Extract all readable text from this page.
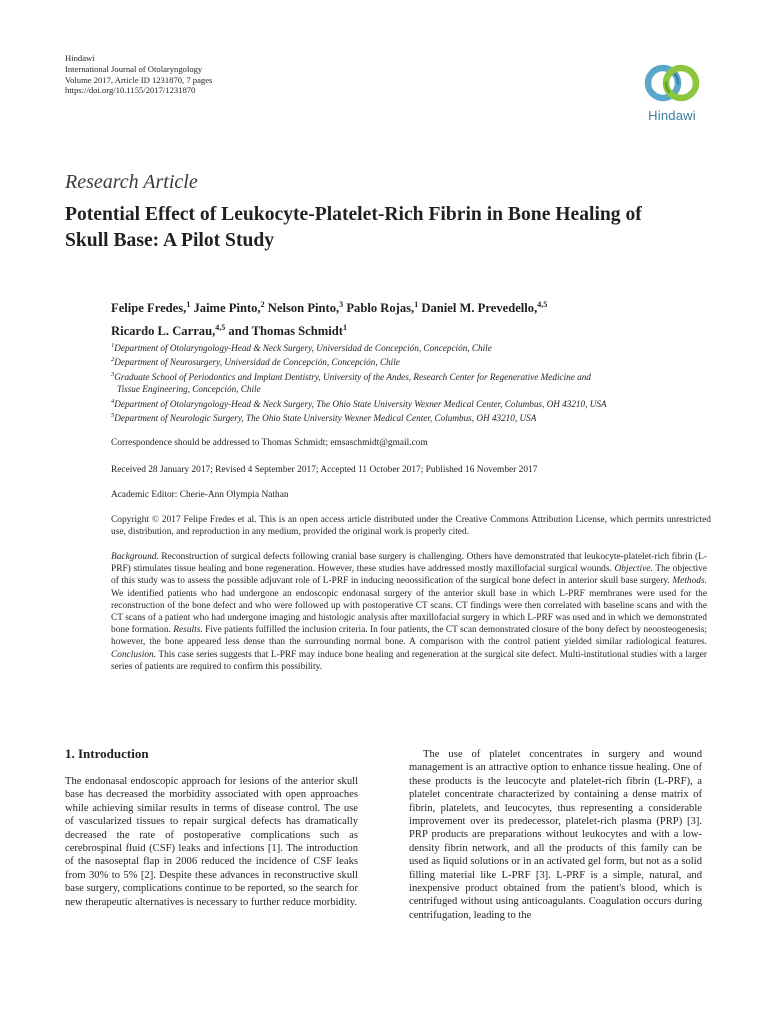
Hindawi
International Journal of Otolaryngology
Volume 2017, Article ID 1231870, 7 pages
https://doi.org/10.1155/2017/1231870
Hindawi
Research Article
Potential Effect of Leukocyte-Platelet-Rich Fibrin in Bone Healing of Skull Base: A Pilot Study
Felipe Fredes,$^1$ Jaime Pinto,$^2$ Nelson Pinto,$^3$ Pablo Rojas,$^1$ Daniel M. Prevedello,$^{4,5}$
Ricardo L. Carrau,$^{4,5}$ and Thomas Schmidt$^1$

$^1$Department of Otolaryngology-Head & Neck Surgery, Universidad de Concepción, Concepción, Chile

$^2$Department of Neurosurgery, Universidad de Concepción, Concepción, Chile

$^3$Graduate School of Periodontics and Implant Dentistry, University of the Andes, Research Center for Regenerative Medicine and

Tissue Engineering, Concepción, Chile

$^4$Department of Otolaryngology-Head & Neck Surgery, The Ohio State University Wexner Medical Center, Columbus, OH 43210, USA

$^5$Department of Neurologic Surgery, The Ohio State University Wexner Medical Center, Columbus, OH 43210, USA

Correspondence should be addressed to Thomas Schmidt; emsaschmidt@gmail.com
Received 28 January 2017; Revised 4 September 2017; Accepted 11 October 2017; Published 16 November 2017
Academic Editor: Cherie-Ann Olympia Nathan
Copyright © 2017 Felipe Fredes et al. This is an open access article distributed under the Creative Commons Attribution License, which permits unrestricted use, distribution, and reproduction in any medium, provided the original work is properly cited.
Background. Reconstruction of surgical defects following cranial base surgery is challenging. Others have demonstrated that leukocyte-platelet-rich fibrin (L-PRF) stimulates tissue healing and bone regeneration. However, these studies have addressed mostly maxillofacial surgical wounds. Objective. The objective of this study was to assess the possible adjuvant role of L-PRF in inducing neoossification of the surgical bone defect in anterior skull base surgery. Methods. We identified patients who had undergone an endoscopic endonasal surgery of the anterior skull base in which L-PRF membranes were used for the reconstruction of the bone defect and who were followed up with postoperative CT scans. CT findings were then correlated with baseline scans and with the CT scans of a patient who had undergone imaging and histologic analysis after maxillofacial surgery in which L-PRF was used and in which we demonstrated bone formation. Results. Five patients fulfilled the inclusion criteria. In four patients, the CT scan demonstrated closure of the bony defect by neoosteogenesis; however, the bone appeared less dense than the surrounding normal bone. A comparison with the control patient yielded similar radiological features. Conclusion. This case series suggests that L-PRF may induce bone healing and regeneration at the surgical site defect. Multi-institutional studies with a larger series of patients are required to confirm this possibility.
1. Introduction

The endonasal endoscopic approach for lesions of the anterior skull base has decreased the morbidity associated with open approaches while achieving similar results in terms of disease control. The use of vascularized tissues to repair surgical defects has dramatically decreased the rate of postoperative complications such as cerebrospinal fluid (CSF) leaks and infections [1]. The introduction of the nasoseptal flap in 2006 reduced the incidence of CSF leaks from 30% to 5% [2]. Despite these advances in reconstructive skull base surgery, complications continue to be reported, so the search for new therapeutic alternatives is necessary to further reduce morbidity.

The use of platelet concentrates in surgery and wound management is an attractive option to enhance tissue healing. One of these products is the leucocyte and platelet-rich fibrin (L-PRF), a platelet concentrate characterized by containing a dense matrix of fibrin, platelets, and leucocytes, thus representing a considerable improvement over its predecessor, platelet-rich plasma (PRP) [3]. PRP products are preparations without leukocytes and with a low-density fibrin network, and all the products of this family can be used as liquid solutions or in an activated gel form, but not as a solid filling material like L-PRF [3]. L-PRF is a simple, natural, and inexpensive product obtained from the patient's blood, which is centrifuged without using anticoagulants. Coagulation occurs during centrifugation, leading to the
